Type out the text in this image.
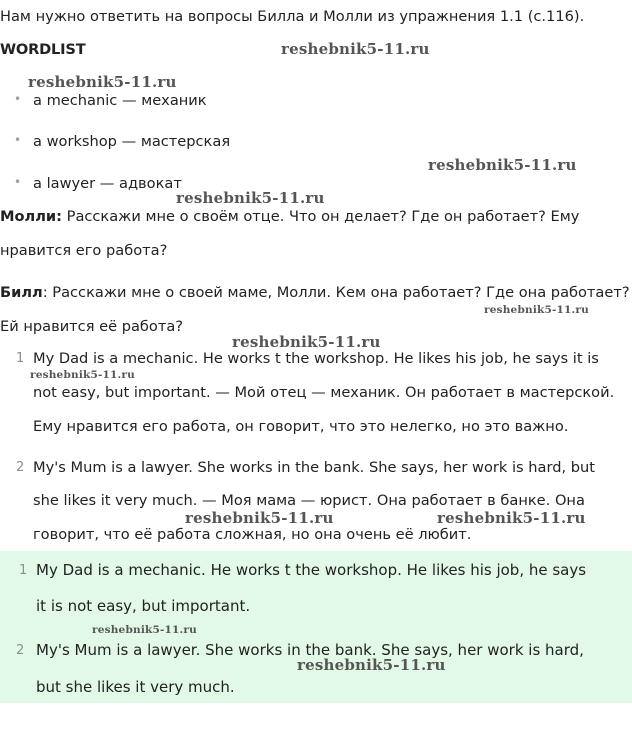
Нам нужно ответить на вопросы Билла и Молли из упражнения 1.1 (с.116).
WORDLIST
• a mechanic — механик
• a workshop — мастерская
• a lawyer — адвокат
Молли: Расскажи мне о своём отце. Что он делает? Где он работает? Ему
нравится его работа?
Билл: Расскажи мне о своей маме, Молли. Кем она работает? Где она работает?
Ей нравится её работа?
1 My Dad is a mechanic. He works t the workshop. He likes his job, he says it is
not easy, but important. — Мой отец — механик. Он работает в мастерской.
Ему нравится его работа, он говорит, что это нелегко, но это важно.
2 My's Mum is a lawyer. She works in the bank. She says, her work is hard, but
she likes it very much. — Моя мама — юрист. Она работает в банке. Она
говорит, что её работа сложная, но она очень её любит.
1 My Dad is a mechanic. He works t the workshop. He likes his job, he says
it is not easy, but important.
2 My's Mum is a lawyer. She works in the bank. She says, her work is hard,
but she likes it very much.
reshebnik5-11.ru
reshebnik5-11.ru
reshebnik5-11.ru
reshebnik5-11.ru
reshebnik5-11.ru
reshebnik5-11.ru
reshebnik5-11.ru
reshebnik5-11.ru	reshebnik5-11.ru
reshebnik5-11.ru
reshebnik5-11.ru
